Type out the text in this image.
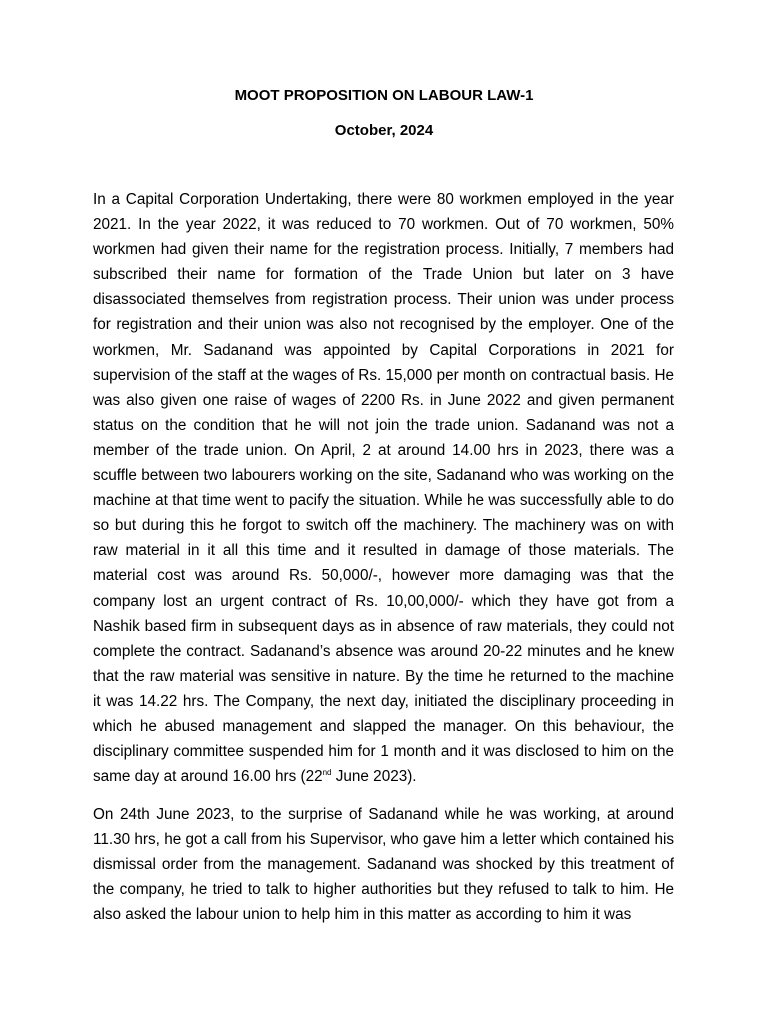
MOOT PROPOSITION ON LABOUR LAW-1
October, 2024

In a Capital Corporation Undertaking, there were 80 workmen employed in the year 2021. In the year 2022, it was reduced to 70 workmen. Out of 70 workmen, 50% workmen had given their name for the registration process. Initially, 7 members had subscribed their name for formation of the Trade Union but later on 3 have disassociated themselves from registration process. Their union was under process for registration and their union was also not recognised by the employer. One of the workmen, Mr. Sadanand was appointed by Capital Corporations in 2021 for supervision of the staff at the wages of Rs. 15,000 per month on contractual basis. He was also given one raise of wages of 2200 Rs. in June 2022 and given permanent status on the condition that he will not join the trade union. Sadanand was not a member of the trade union. On April, 2 at around 14.00 hrs in 2023, there was a scuffle between two labourers working on the site, Sadanand who was working on the machine at that time went to pacify the situation. While he was successfully able to do so but during this he forgot to switch off the machinery. The machinery was on with raw material in it all this time and it resulted in damage of those materials. The material cost was around Rs. 50,000/-, however more damaging was that the company lost an urgent contract of Rs. 10,00,000/- which they have got from a Nashik based firm in subsequent days as in absence of raw materials, they could not complete the contract. Sadanand’s absence was around 20-22 minutes and he knew that the raw material was sensitive in nature. By the time he returned to the machine it was 14.22 hrs. The Company, the next day, initiated the disciplinary proceeding in which he abused management and slapped the manager. On this behaviour, the disciplinary committee suspended him for 1 month and it was disclosed to him on the same day at around 16.00 hrs (22nd June 2023).

On 24th June 2023, to the surprise of Sadanand while he was working, at around 11.30 hrs, he got a call from his Supervisor, who gave him a letter which contained his dismissal order from the management. Sadanand was shocked by this treatment of the company, he tried to talk to higher authorities but they refused to talk to him. He also asked the labour union to help him in this matter as according to him it was
